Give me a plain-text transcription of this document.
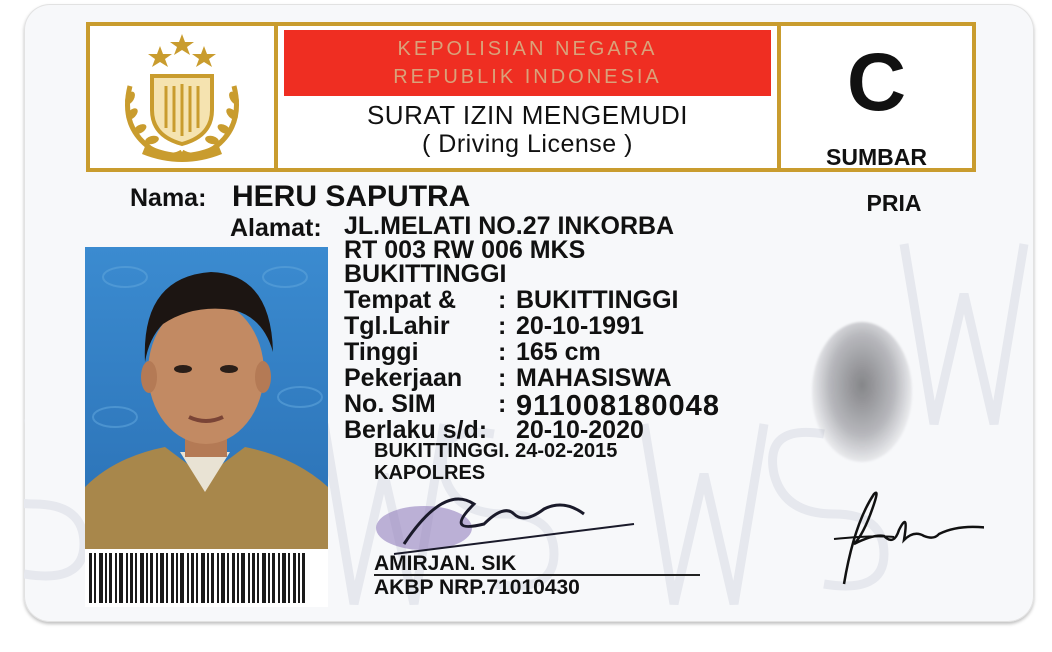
KEPOLISIAN NEGARA
REPUBLIK INDONESIA
SURAT IZIN MENGEMUDI
( Driving License )
C
SUMBAR
PRIA
Nama: HERU SAPUTRA
Alamat: JL.MELATI NO.27 INKORBA
RT 003 RW 006 MKS
BUKITTINGGI
Tempat & : BUKITTINGGI
Tgl.Lahir : 20-10-1991
Tinggi	: 165 cm
Pekerjaan : MAHASISWA
No. SIM : 911008180048
Berlaku s/d: 20-10-2020
BUKITTINGGI. 24-02-2015
KAPOLRES
AMIRJAN. SIK
AKBP NRP.71010430
